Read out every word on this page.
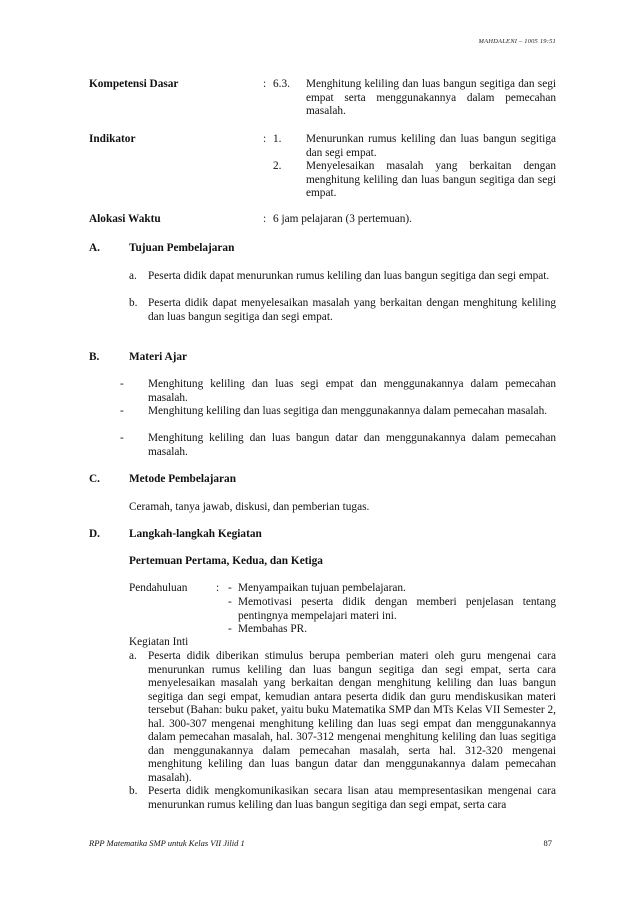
MAHDALENI – 1005 19:51
Kompetensi Dasar	: 6.3. Menghitung keliling dan luas bangun segitiga dan segi empat serta menggunakannya dalam pemecahan masalah.
Indikator	: 1. Menurunkan rumus keliling dan luas bangun segitiga dan segi empat.
2. Menyelesaikan masalah yang berkaitan dengan menghitung keliling dan luas bangun segitiga dan segi empat.
Alokasi Waktu	: 6 jam pelajaran (3 pertemuan).
A.	Tujuan Pembelajaran
a. Peserta didik dapat menurunkan rumus keliling dan luas bangun segitiga dan segi empat.
b. Peserta didik dapat menyelesaikan masalah yang berkaitan dengan menghitung keliling dan luas bangun segitiga dan segi empat.
B.	Materi Ajar
- Menghitung keliling dan luas segi empat dan menggunakannya dalam pemecahan masalah.
- Menghitung keliling dan luas segitiga dan menggunakannya dalam pemecahan masalah.
- Menghitung keliling dan luas bangun datar dan menggunakannya dalam pemecahan masalah.
C.	Metode Pembelajaran
Ceramah, tanya jawab, diskusi, dan pemberian tugas.
D.	Langkah-langkah Kegiatan
Pertemuan Pertama, Kedua, dan Ketiga
Pendahuluan	: - Menyampaikan tujuan pembelajaran.
- Memotivasi peserta didik dengan memberi penjelasan tentang pentingnya mempelajari materi ini.
- Membahas PR.
Kegiatan Inti
a. Peserta didik diberikan stimulus berupa pemberian materi oleh guru mengenai cara menurunkan rumus keliling dan luas bangun segitiga dan segi empat, serta cara menyelesaikan masalah yang berkaitan dengan menghitung keliling dan luas bangun segitiga dan segi empat, kemudian antara peserta didik dan guru mendiskusikan materi tersebut (Bahan: buku paket, yaitu buku Matematika SMP dan MTs Kelas VII Semester 2, hal. 300-307 mengenai menghitung keliling dan luas segi empat dan menggunakannya dalam pemecahan masalah, hal. 307-312 mengenai menghitung keliling dan luas segitiga dan menggunakannya dalam pemecahan masalah, serta hal. 312-320 mengenai menghitung keliling dan luas bangun datar dan menggunakannya dalam pemecahan masalah).
b. Peserta didik mengkomunikasikan secara lisan atau mempresentasikan mengenai cara menurunkan rumus keliling dan luas bangun segitiga dan segi empat, serta cara
RPP Matematika SMP untuk Kelas VII Jilid 1	87
